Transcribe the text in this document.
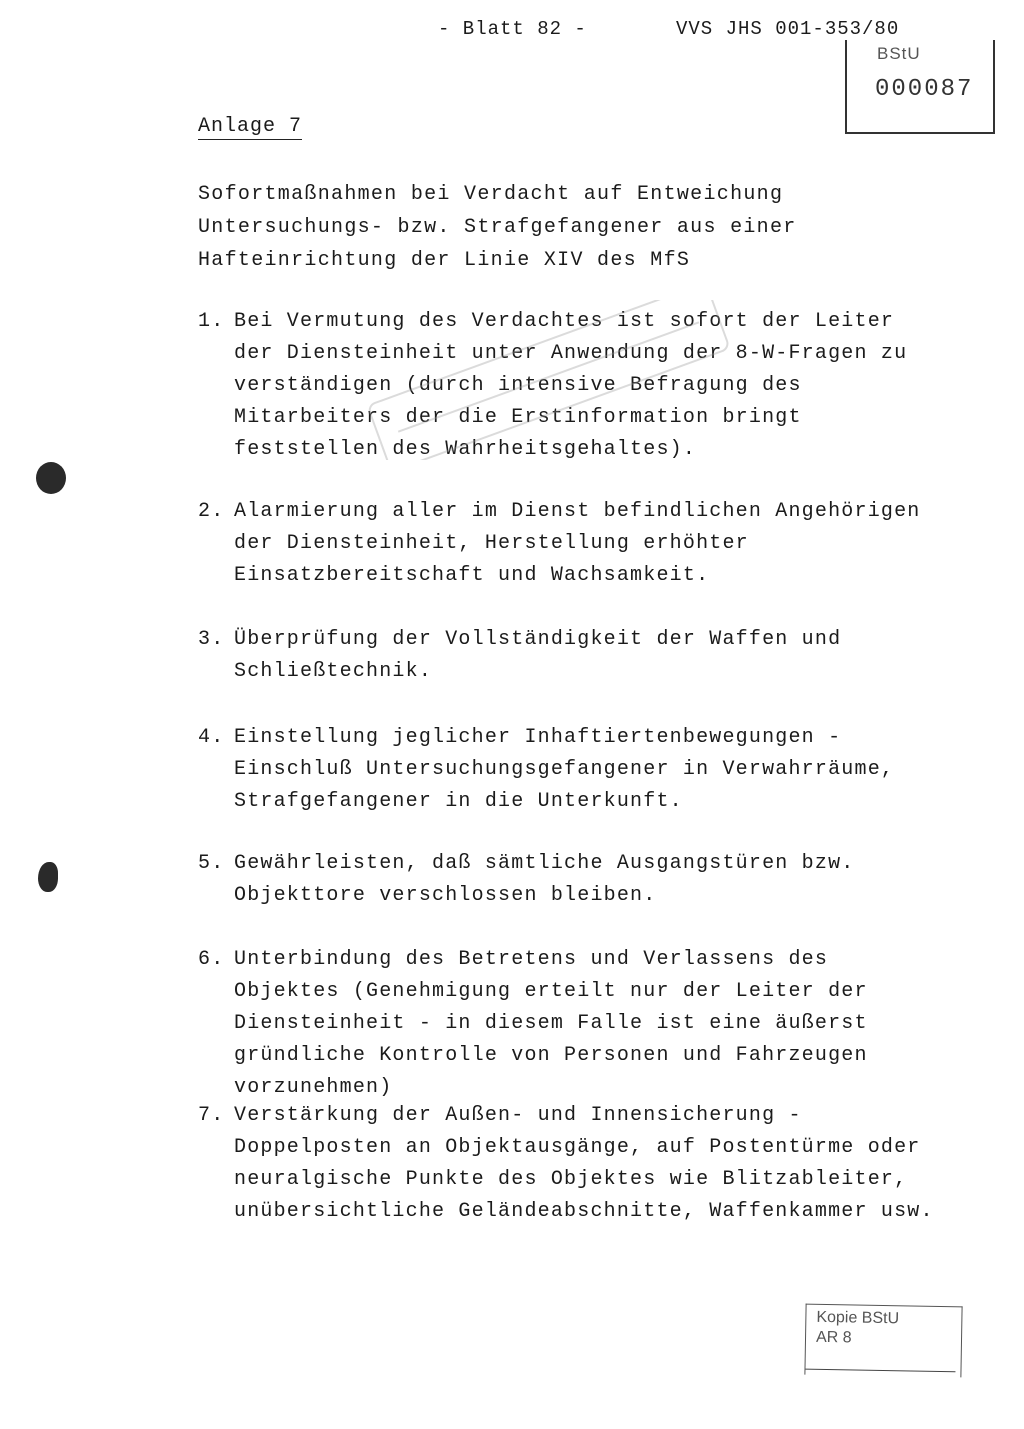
- Blatt 82 -	VVS JHS 001-353/80
BStU
000087
Anlage 7

Sofortmaßnahmen bei Verdacht auf Entweichung Untersuchungs- bzw. Strafgefangener aus einer Hafteinrichtung der Linie XIV des MfS

1. Bei Vermutung des Verdachtes ist sofort der Leiter der Diensteinheit unter Anwendung der 8-W-Fragen zu verständigen (durch intensive Befragung des Mitarbeiters der die Erstinformation bringt feststellen des Wahrheitsgehaltes).
2. Alarmierung aller im Dienst befindlichen Angehörigen der Diensteinheit, Herstellung erhöhter Einsatzbereitschaft und Wachsamkeit.
3. Überprüfung der Vollständigkeit der Waffen und Schließtechnik.
4. Einstellung jeglicher Inhaftiertenbewegungen - Einschluß Untersuchungsgefangener in Verwahrräume, Strafgefangener in die Unterkunft.
5. Gewährleisten, daß sämtliche Ausgangstüren bzw. Objekttore verschlossen bleiben.
6. Unterbindung des Betretens und Verlassens des Objektes (Genehmigung erteilt nur der Leiter der Diensteinheit - in diesem Falle ist eine äußerst gründliche Kontrolle von Personen und Fahrzeugen vorzunehmen)
7. Verstärkung der Außen- und Innensicherung - Doppelposten an Objektausgänge, auf Postentürme oder neuralgische Punkte des Objektes wie Blitzableiter, unübersichtliche Geländeabschnitte, Waffenkammer usw.
Kopie BStU
AR 8
